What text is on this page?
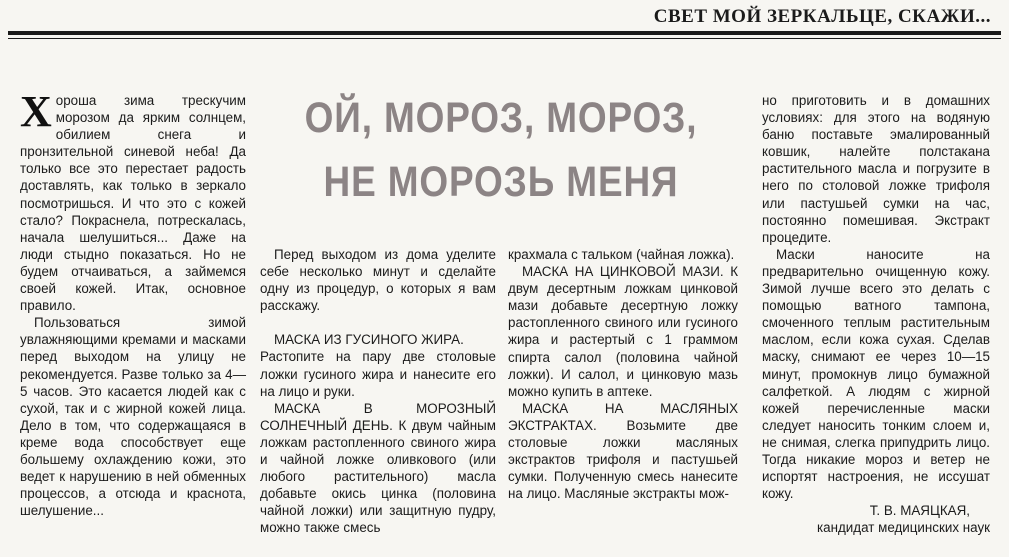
СВЕТ МОЙ ЗЕРКАЛЬЦЕ, СКАЖИ...
ОЙ, МОРОЗ, МОРОЗ,
НЕ МОРОЗЬ МЕНЯ

Хорошa зима трескучим морозом да ярким солнцем, обилием снега и пронзительной синевой неба! Да только все это перестает радость доставлять, как только в зеркало посмотришься. И что это с кожей стало? Покраснела, потрескалась, начала шелушиться... Даже на люди стыдно показаться. Но не будем отчаиваться, а займемся своей кожей. Итак, основное правило.

Пользоваться зимой увлажняющими кремами и масками перед выходом на улицу не рекомендуется. Разве только за 4—5 часов. Это касается людей как с сухой, так и с жирной кожей лица. Дело в том, что содержащаяся в креме вода способствует еще большему охлаждению кожи, это ведет к нарушению в ней обменных процессов, а отсюда и краснота, шелушение...

Перед выходом из дома уделите себе несколько минут и сделайте одну из процедур, о которых я вам расскажу.

МАСКА ИЗ ГУСИНОГО ЖИРА.

Растопите на пару две столовые ложки гусиного жира и нанесите его на лицо и руки.

МАСКА В МОРОЗНЫЙ СОЛНЕЧНЫЙ ДЕНЬ. К двум чайным ложкам растопленного свиного жира и чайной ложке оливкового (или любого растительного) масла добавьте окись цинка (половина чайной ложки) или защитную пудру, можно также смесь

крахмала с тальком (чайная ложка).

МАСКА НА ЦИНКОВОЙ МАЗИ. К двум десертным ложкам цинковой мази добавьте десертную ложку растопленного свиного или гусиного жира и растертый с 1 граммом спирта салол (половина чайной ложки). И салол, и цинковую мазь можно купить в аптеке.

МАСКА НА МАСЛЯНЫХ ЭКСТРАКТАХ. Возьмите две столовые ложки масляных экстрактов трифоля и пастушьей сумки. Полученную смесь нанесите на лицо. Масляные экстракты мож-

но приготовить и в домашних условиях: для этого на водяную баню поставьте эмалированный ковшик, налейте полстакана растительного масла и погрузите в него по столовой ложке трифоля или пастушьей сумки на час, постоянно помешивая. Экстракт процедите.

Маски наносите на предварительно очищенную кожу. Зимой лучше всего это делать с помощью ватного тампона, смоченного теплым растительным маслом, если кожа сухая. Сделав маску, снимают ее через 10—15 минут, промокнув лицо бумажной салфеткой. А людям с жирной кожей перечисленные маски следует наносить тонким слоем и, не снимая, слегка припудрить лицо. Тогда никакие мороз и ветер не испортят настроения, не иссушат кожу.

Т. В. МАЯЦКАЯ,

кандидат медицинских наук
